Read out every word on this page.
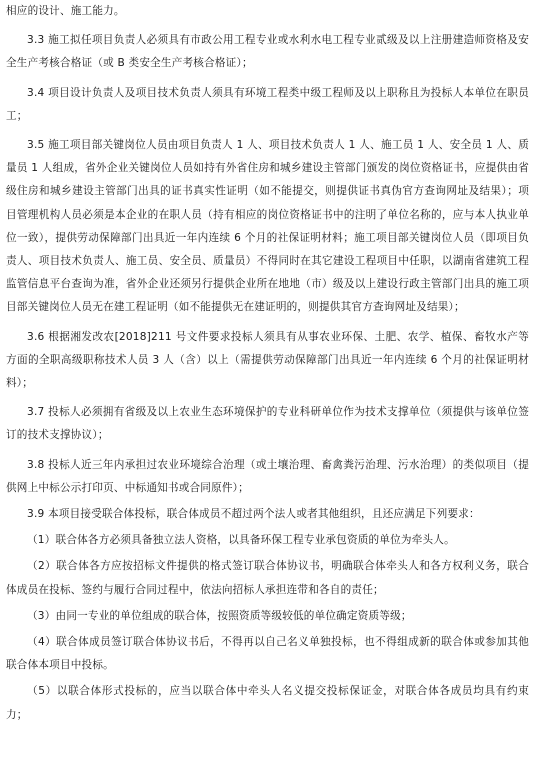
相应的设计、施工能力。

3.3 施工拟任项目负责人必须具有市政公用工程专业或水利水电工程专业贰级及以上注册建造师资格及安全生产考核合格证（或 B 类安全生产考核合格证）；

3.4 项目设计负责人及项目技术负责人须具有环境工程类中级工程师及以上职称且为投标人本单位在职员工；

3.5 施工项目部关键岗位人员由项目负责人 1 人、项目技术负责人 1 人、施工员 1 人、安全员 1 人、质量员 1 人组成，省外企业关键岗位人员如持有外省住房和城乡建设主管部门颁发的岗位资格证书，应提供由省级住房和城乡建设主管部门出具的证书真实性证明（如不能提交，则提供证书真伪官方查询网址及结果）；项目管理机构人员必须是本企业的在职人员（持有相应的岗位资格证书中的注明了单位名称的，应与本人执业单位一致），提供劳动保障部门出具近一年内连续 6 个月的社保证明材料；施工项目部关键岗位人员（即项目负责人、项目技术负责人、施工员、安全员、质量员）不得同时在其它建设工程项目中任职，以湖南省建筑工程监管信息平台查询为准，省外企业还须另行提供企业所在地地（市）级及以上建设行政主管部门出具的施工项目部关键岗位人员无在建工程证明（如不能提供无在建证明的，则提供其官方查询网址及结果）；

3.6 根据湘发改农[2018]211 号文件要求投标人须具有从事农业环保、土肥、农学、植保、畜牧水产等方面的全职高级职称技术人员 3 人（含）以上（需提供劳动保障部门出具近一年内连续 6 个月的社保证明材料）；

3.7 投标人必须拥有省级及以上农业生态环境保护的专业科研单位作为技术支撑单位（须提供与该单位签订的技术支撑协议）；

3.8 投标人近三年内承担过农业环境综合治理（或土壤治理、畜禽粪污治理、污水治理）的类似项目（提供网上中标公示打印页、中标通知书或合同原件）；

3.9 本项目接受联合体投标，联合体成员不超过两个法人或者其他组织，且还应满足下列要求：

（1）联合体各方必须具备独立法人资格，以具备环保工程专业承包资质的单位为牵头人。

（2）联合体各方应按招标文件提供的格式签订联合体协议书，明确联合体牵头人和各方权利义务，联合体成员在投标、签约与履行合同过程中，依法向招标人承担连带和各自的责任；

（3）由同一专业的单位组成的联合体，按照资质等级较低的单位确定资质等级；

（4）联合体成员签订联合体协议书后，不得再以自己名义单独投标，也不得组成新的联合体或参加其他联合体本项目中投标。

（5）以联合体形式投标的，应当以联合体中牵头人名义提交投标保证金，对联合体各成员均具有约束力；
